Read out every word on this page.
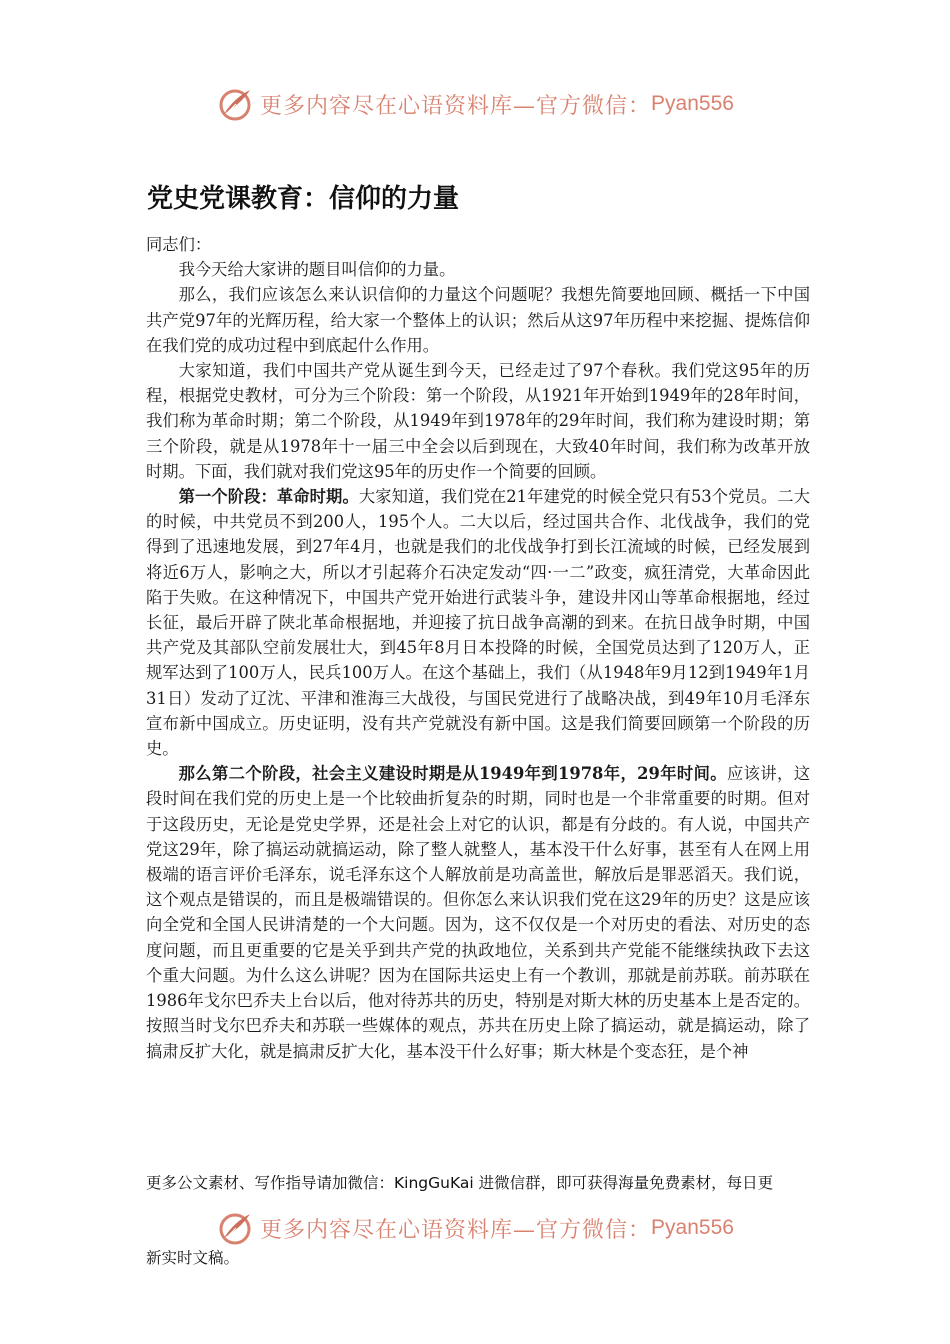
更多内容尽在心语资料库—官方微信： Pyan556
党史党课教育：信仰的力量

同志们：

我今天给大家讲的题目叫信仰的力量。

那么，我们应该怎么来认识信仰的力量这个问题呢？我想先简要地回顾、概括一下中国共产党97年的光辉历程，给大家一个整体上的认识；然后从这97年历程中来挖掘、提炼信仰在我们党的成功过程中到底起什么作用。

大家知道，我们中国共产党从诞生到今天，已经走过了97个春秋。我们党这95年的历程，根据党史教材，可分为三个阶段：第一个阶段，从1921年开始到1949年的28年时间，我们称为革命时期；第二个阶段，从1949年到1978年的29年时间，我们称为建设时期；第三个阶段，就是从1978年十一届三中全会以后到现在，大致40年时间，我们称为改革开放时期。下面，我们就对我们党这95年的历史作一个简要的回顾。

第一个阶段：革命时期。大家知道，我们党在21年建党的时候全党只有53个党员。二大的时候，中共党员不到200人，195个人。二大以后，经过国共合作、北伐战争，我们的党得到了迅速地发展，到27年4月，也就是我们的北伐战争打到长江流域的时候，已经发展到将近6万人，影响之大，所以才引起蒋介石决定发动“四·一二”政变，疯狂清党，大革命因此陷于失败。在这种情况下，中国共产党开始进行武装斗争，建设井冈山等革命根据地，经过长征，最后开辟了陕北革命根据地，并迎接了抗日战争高潮的到来。在抗日战争时期，中国共产党及其部队空前发展壮大，到45年8月日本投降的时候，全国党员达到了120万人，正规军达到了100万人，民兵100万人。在这个基础上，我们（从1948年9月12到1949年1月31日）发动了辽沈、平津和淮海三大战役，与国民党进行了战略决战，到49年10月毛泽东宣布新中国成立。历史证明，没有共产党就没有新中国。这是我们简要回顾第一个阶段的历史。

那么第二个阶段，社会主义建设时期是从1949年到1978年，29年时间。应该讲，这段时间在我们党的历史上是一个比较曲折复杂的时期，同时也是一个非常重要的时期。但对于这段历史，无论是党史学界，还是社会上对它的认识，都是有分歧的。有人说，中国共产党这29年，除了搞运动就搞运动，除了整人就整人，基本没干什么好事，甚至有人在网上用极端的语言评价毛泽东，说毛泽东这个人解放前是功高盖世，解放后是罪恶滔天。我们说，这个观点是错误的，而且是极端错误的。但你怎么来认识我们党在这29年的历史？这是应该向全党和全国人民讲清楚的一个大问题。因为，这不仅仅是一个对历史的看法、对历史的态度问题，而且更重要的它是关乎到共产党的执政地位，关系到共产党能不能继续执政下去这个重大问题。为什么这么讲呢？因为在国际共运史上有一个教训，那就是前苏联。前苏联在1986年戈尔巴乔夫上台以后，他对待苏共的历史，特别是对斯大林的历史基本上是否定的。按照当时戈尔巴乔夫和苏联一些媒体的观点，苏共在历史上除了搞运动，就是搞运动，除了搞肃反扩大化，就是搞肃反扩大化，基本没干什么好事；斯大林是个变态狂，是个神

更多公文素材、写作指导请加微信：KingGuKai 进微信群，即可获得海量免费素材，每日更
更多内容尽在心语资料库—官方微信： Pyan556
新实时文稿。
